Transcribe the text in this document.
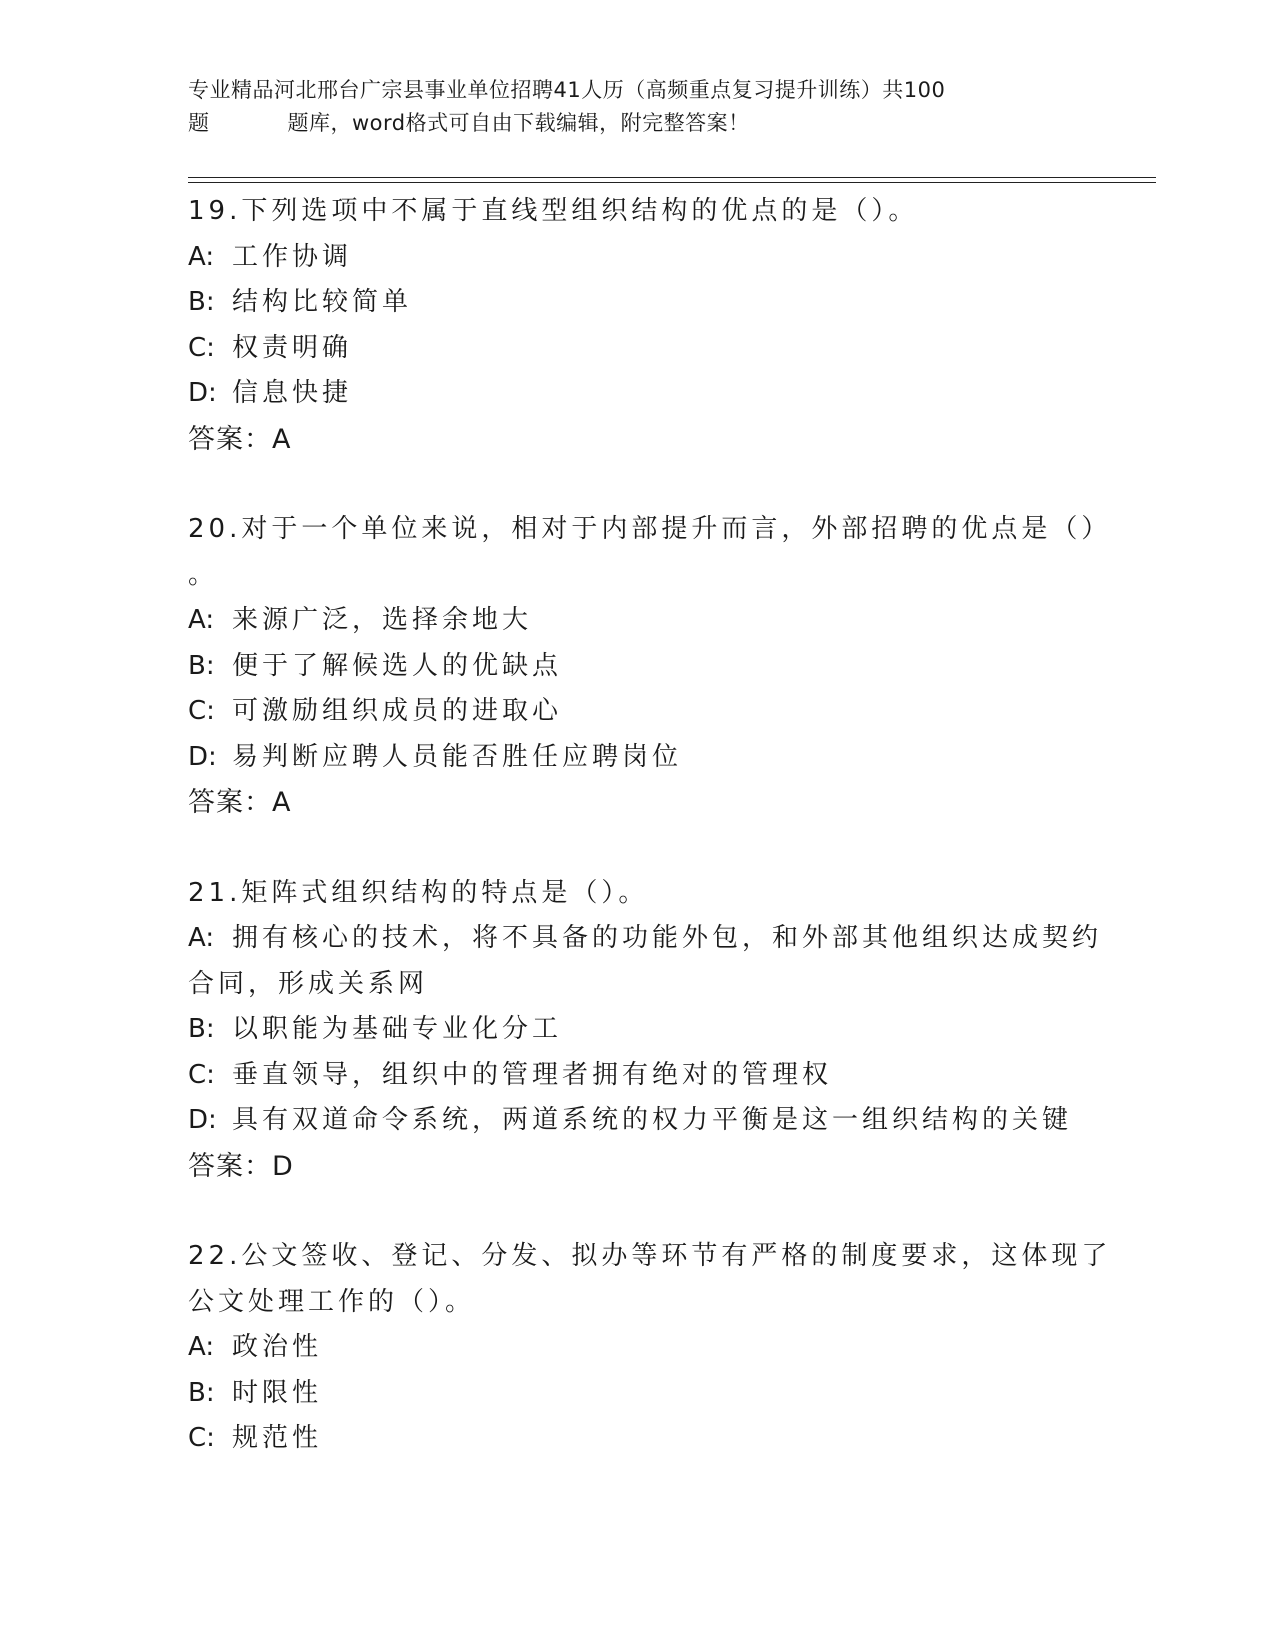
专业精品河北邢台广宗县事业单位招聘41人历（高频重点复习提升训练）共100
题	题库，word格式可自由下载编辑，附完整答案！
19.下列选项中不属于直线型组织结构的优点的是（）。
A: 工作协调
B: 结构比较简单
C: 权责明确
D: 信息快捷
答案：A
20.对于一个单位来说，相对于内部提升而言，外部招聘的优点是（）
。
A: 来源广泛，选择余地大
B: 便于了解候选人的优缺点
C: 可激励组织成员的进取心
D: 易判断应聘人员能否胜任应聘岗位
答案：A
21.矩阵式组织结构的特点是（）。
A: 拥有核心的技术，将不具备的功能外包，和外部其他组织达成契约
合同，形成关系网
B: 以职能为基础专业化分工
C: 垂直领导，组织中的管理者拥有绝对的管理权
D: 具有双道命令系统，两道系统的权力平衡是这一组织结构的关键
答案：D
22.公文签收、登记、分发、拟办等环节有严格的制度要求，这体现了
公文处理工作的（）。
A: 政治性
B: 时限性
C: 规范性
